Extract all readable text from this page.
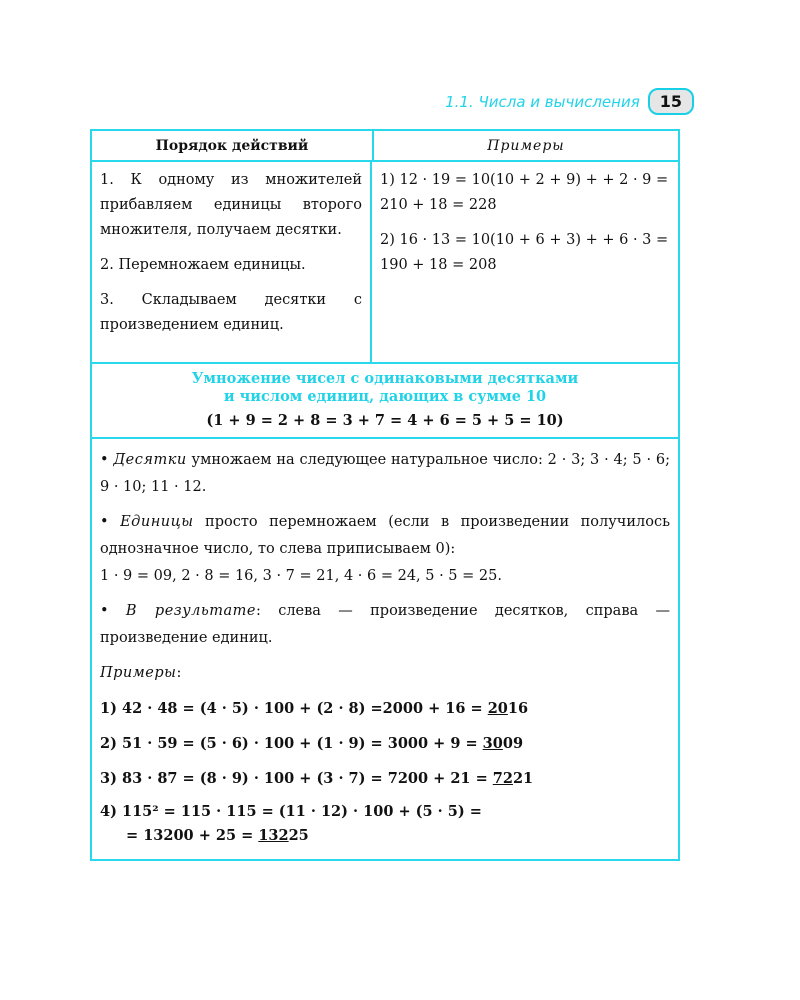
1.1. Числа и вычисления	15
Порядок действий	Примеры

1. К одному из множителей прибавляем единицы второго множителя, получаем десятки.

2. Перемножаем единицы.

3. Складываем десятки с произведением единиц.

1) 12 · 19 = 10(10 + 2 + 9) + + 2 · 9 = 210 + 18 = 228

2) 16 · 13 = 10(10 + 6 + 3) + + 6 · 3 = 190 + 18 = 208

Умножение чисел с одинаковыми десятками
и числом единиц, дающих в сумме 10
(1 + 9 = 2 + 8 = 3 + 7 = 4 + 6 = 5 + 5 = 10)

• Десятки умножаем на следующее натуральное число: 2 · 3; 3 · 4; 5 · 6; 9 · 10; 11 · 12.

• Единицы просто перемножаем (если в произведении получилось однозначное число, то слева приписываем 0):
1 · 9 = 09, 2 · 8 = 16, 3 · 7 = 21, 4 · 6 = 24, 5 · 5 = 25.

• В результате: слева — произведение десятков, справа — произведение единиц.

Примеры:

1) 42 · 48 = (4 · 5) · 100 + (2 · 8) =2000 + 16 = 2016

2) 51 · 59 = (5 · 6) · 100 + (1 · 9) = 3000 + 9 = 3009

3) 83 · 87 = (8 · 9) · 100 + (3 · 7) = 7200 + 21 = 7221

4) 115² = 115 · 115 = (11 · 12) · 100 + (5 · 5) =
= 13200 + 25 = 13225
